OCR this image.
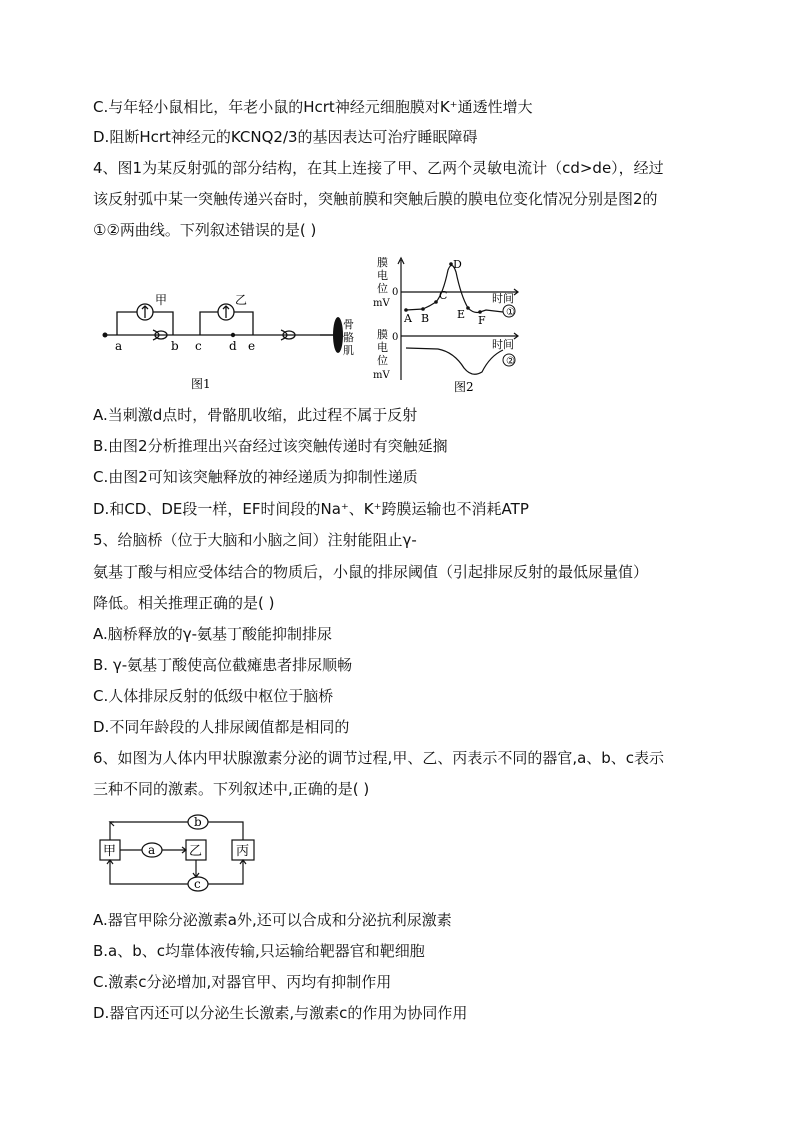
C.与年轻小鼠相比，年老小鼠的Hcrt神经元细胞膜对K⁺通透性增大
D.阻断Hcrt神经元的KCNQ2/3的基因表达可治疗睡眠障碍
4、图1为某反射弧的部分结构，在其上连接了甲、乙两个灵敏电流计（cd>de），经过
该反射弧中某一突触传递兴奋时，突触前膜和突触后膜的膜电位变化情况分别是图2的
①②两曲线。下列叙述错误的是( )
甲	乙
a	b c d e
骨
骼
肌
图1
①
②
膜
电
位
mV
0
膜
电
位
mV
0
时间
时间
A B
C
D
E F
图2
A.当刺激d点时，骨骼肌收缩，此过程不属于反射
B.由图2分析推理出兴奋经过该突触传递时有突触延搁
C.由图2可知该突触释放的神经递质为抑制性递质
D.和CD、DE段一样，EF时间段的Na⁺、K⁺跨膜运输也不消耗ATP
5、给脑桥（位于大脑和小脑之间）注射能阻止γ-
氨基丁酸与相应受体结合的物质后，小鼠的排尿阈值（引起排尿反射的最低尿量值）
降低。相关推理正确的是( )
A.脑桥释放的γ-氨基丁酸能抑制排尿
B. γ-氨基丁酸使高位截瘫患者排尿顺畅
C.人体排尿反射的低级中枢位于脑桥
D.不同年龄段的人排尿阈值都是相同的
6、如图为人体内甲状腺激素分泌的调节过程,甲、乙、丙表示不同的器官,a、b、c表示
三种不同的激素。下列叙述中,正确的是( )
甲	乙	丙
a
b
c
A.器官甲除分泌激素a外,还可以合成和分泌抗利尿激素
B.a、b、c均靠体液传输,只运输给靶器官和靶细胞
C.激素c分泌增加,对器官甲、丙均有抑制作用
D.器官丙还可以分泌生长激素,与激素c的作用为协同作用
